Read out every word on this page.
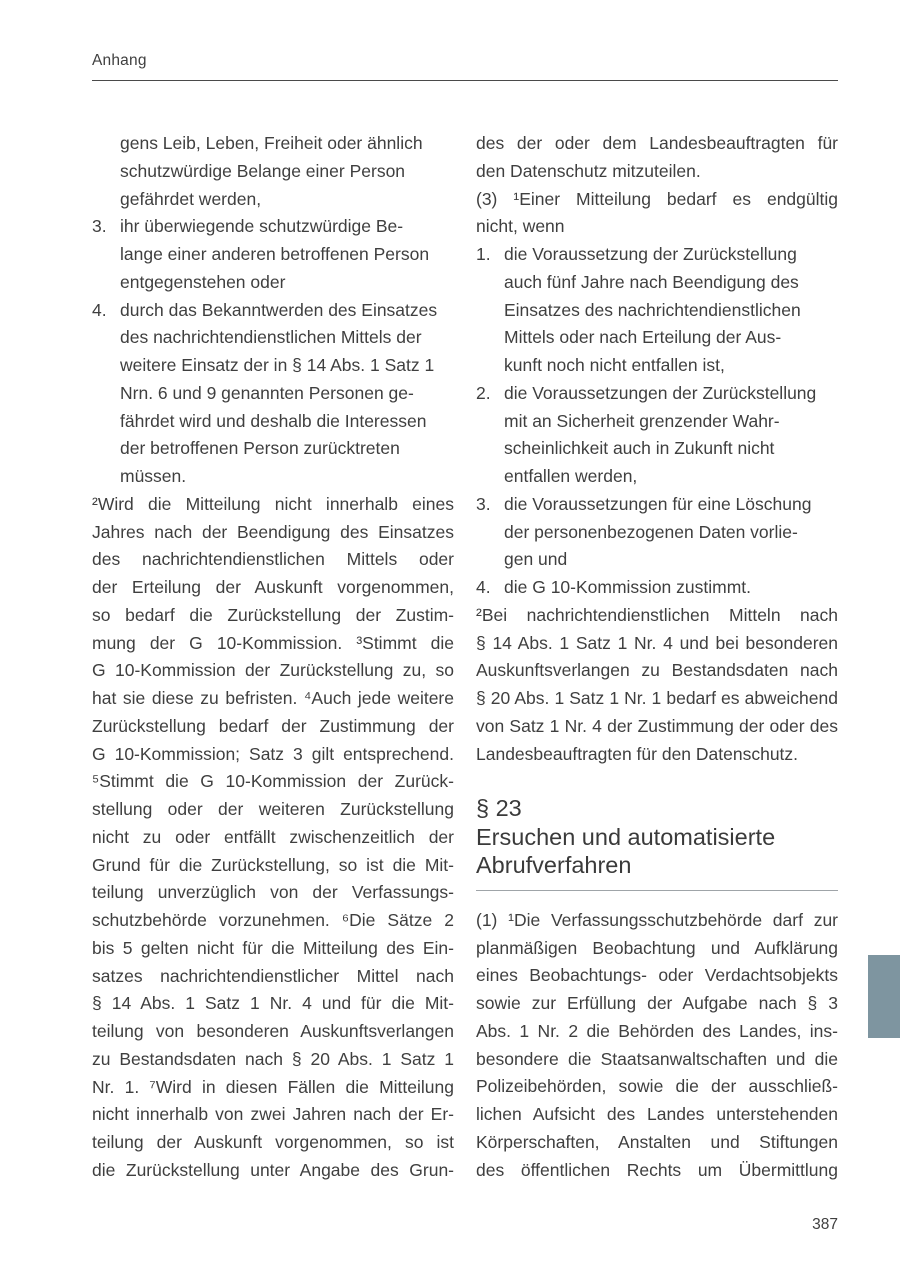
Anhang
gens Leib, Leben, Freiheit oder ähnlich
schutzwürdige Belange einer Person
gefährdet werden,
3. ihr überwiegende schutzwürdige Be-
lange einer anderen betroffenen Person
entgegenstehen oder
4. durch das Bekanntwerden des Einsatzes
des nachrichtendienstlichen Mittels der
weitere Einsatz der in § 14 Abs. 1 Satz 1
Nrn. 6 und 9 genannten Personen ge-
fährdet wird und deshalb die Interessen
der betroffenen Person zurücktreten
müssen.
²Wird die Mitteilung nicht innerhalb eines
Jahres nach der Beendigung des Einsatzes
des nachrichtendienstlichen Mittels oder
der Erteilung der Auskunft vorgenommen,
so bedarf die Zurückstellung der Zustim-
mung der G 10-Kommission. ³Stimmt die
G 10-Kommission der Zurückstellung zu, so
hat sie diese zu befristen. ⁴Auch jede weitere
Zurückstellung bedarf der Zustimmung der
G 10-Kommission; Satz 3 gilt entsprechend.
⁵Stimmt die G 10-Kommission der Zurück-
stellung oder der weiteren Zurückstellung
nicht zu oder entfällt zwischenzeitlich der
Grund für die Zurückstellung, so ist die Mit-
teilung unverzüglich von der Verfassungs-
schutzbehörde vorzunehmen. ⁶Die Sätze 2
bis 5 gelten nicht für die Mitteilung des Ein-
satzes nachrichtendienstlicher Mittel nach
§ 14 Abs. 1 Satz 1 Nr. 4 und für die Mit-
teilung von besonderen Auskunftsverlangen
zu Bestandsdaten nach § 20 Abs. 1 Satz 1
Nr. 1. ⁷Wird in diesen Fällen die Mitteilung
nicht innerhalb von zwei Jahren nach der Er-
teilung der Auskunft vorgenommen, so ist
die Zurückstellung unter Angabe des Grun-
des der oder dem Landesbeauftragten für
den Datenschutz mitzuteilen.
(3) ¹Einer Mitteilung bedarf es endgültig
nicht, wenn
1. die Voraussetzung der Zurückstellung
auch fünf Jahre nach Beendigung des
Einsatzes des nachrichtendienstlichen
Mittels oder nach Erteilung der Aus-
kunft noch nicht entfallen ist,
2. die Voraussetzungen der Zurückstellung
mit an Sicherheit grenzender Wahr-
scheinlichkeit auch in Zukunft nicht
entfallen werden,
3. die Voraussetzungen für eine Löschung
der personenbezogenen Daten vorlie-
gen und
4. die G 10-Kommission zustimmt.
²Bei nachrichtendienstlichen Mitteln nach
§ 14 Abs. 1 Satz 1 Nr. 4 und bei besonderen
Auskunftsverlangen zu Bestandsdaten nach
§ 20 Abs. 1 Satz 1 Nr. 1 bedarf es abweichend
von Satz 1 Nr. 4 der Zustimmung der oder des
Landesbeauftragten für den Datenschutz.
§ 23
Ersuchen und automatisierte
Abrufverfahren
(1) ¹Die Verfassungsschutzbehörde darf zur
planmäßigen Beobachtung und Aufklärung
eines Beobachtungs- oder Verdachtsobjekts
sowie zur Erfüllung der Aufgabe nach § 3
Abs. 1 Nr. 2 die Behörden des Landes, ins-
besondere die Staatsanwaltschaften und die
Polizeibehörden, sowie die der ausschließ-
lichen Aufsicht des Landes unterstehenden
Körperschaften, Anstalten und Stiftungen
des öffentlichen Rechts um Übermittlung
387
